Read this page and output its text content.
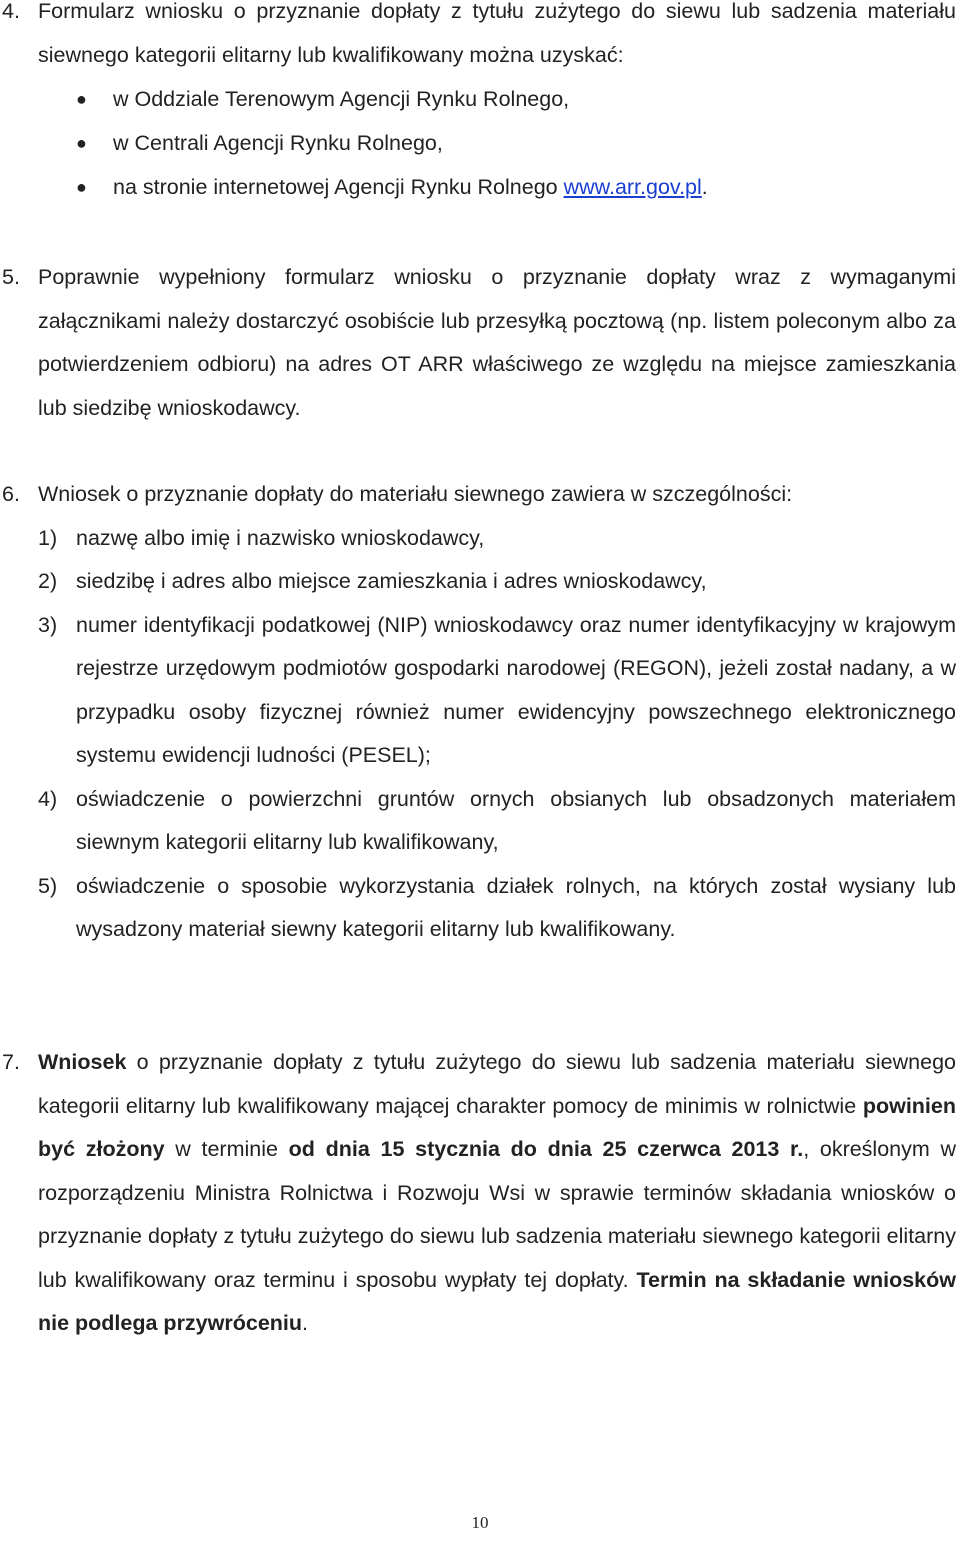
4. Formularz wniosku o przyznanie dopłaty z tytułu zużytego do siewu lub sadzenia materiału siewnego kategorii elitarny lub kwalifikowany można uzyskać:
● w Oddziale Terenowym Agencji Rynku Rolnego,
● w Centrali Agencji Rynku Rolnego,
● na stronie internetowej Agencji Rynku Rolnego www.arr.gov.pl.
5. Poprawnie wypełniony formularz wniosku o przyznanie dopłaty wraz z wymaganymi załącznikami należy dostarczyć osobiście lub przesyłką pocztową (np. listem poleconym albo za potwierdzeniem odbioru) na adres OT ARR właściwego ze względu na miejsce zamieszkania lub siedzibę wnioskodawcy.
6. Wniosek o przyznanie dopłaty do materiału siewnego zawiera w szczególności:
1) nazwę albo imię i nazwisko wnioskodawcy,
2) siedzibę i adres albo miejsce zamieszkania i adres wnioskodawcy,
3) numer identyfikacji podatkowej (NIP) wnioskodawcy oraz numer identyfikacyjny w krajowym rejestrze urzędowym podmiotów gospodarki narodowej (REGON), jeżeli został nadany, a w przypadku osoby fizycznej również numer ewidencyjny powszechnego elektronicznego systemu ewidencji ludności (PESEL);
4) oświadczenie o powierzchni gruntów ornych obsianych lub obsadzonych materiałem siewnym kategorii elitarny lub kwalifikowany,
5) oświadczenie o sposobie wykorzystania działek rolnych, na których został wysiany lub wysadzony materiał siewny kategorii elitarny lub kwalifikowany.
7. Wniosek o przyznanie dopłaty z tytułu zużytego do siewu lub sadzenia materiału siewnego kategorii elitarny lub kwalifikowany mającej charakter pomocy de minimis w rolnictwie powinien być złożony w terminie od dnia 15 stycznia do dnia 25 czerwca 2013 r., określonym w rozporządzeniu Ministra Rolnictwa i Rozwoju Wsi w sprawie terminów składania wniosków o przyznanie dopłaty z tytułu zużytego do siewu lub sadzenia materiału siewnego kategorii elitarny lub kwalifikowany oraz terminu i sposobu wypłaty tej dopłaty. Termin na składanie wniosków nie podlega przywróceniu.
10
